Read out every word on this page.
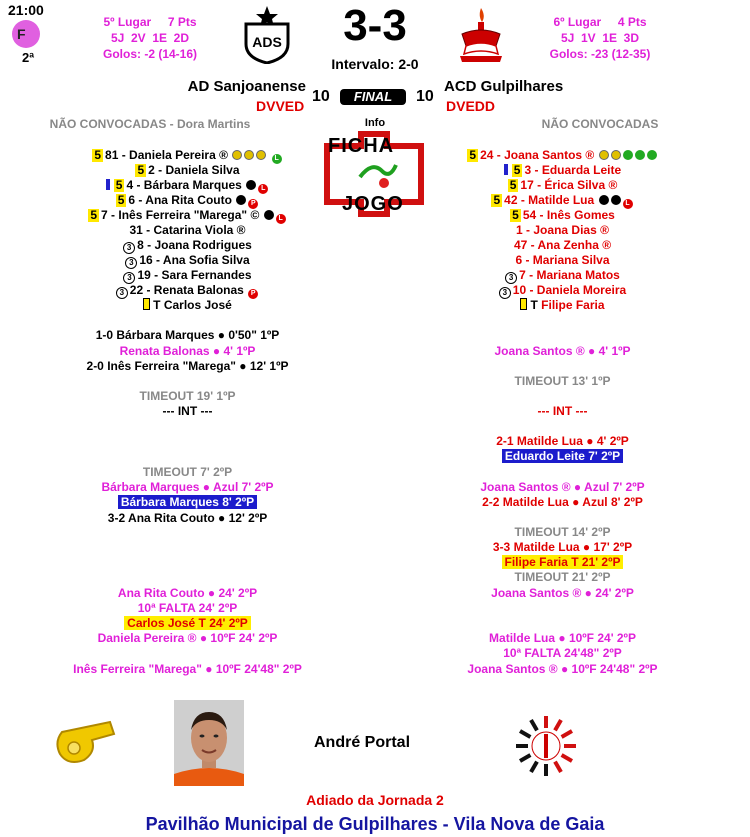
21:00
F
2ª
5º Lugar     7 Pts
5J  2V  1E  2D
Golos: -2 (14-16)
ADS	3-3
Intervalo: 2-0
6º Lugar     4 Pts
5J  1V  1E  3D
Golos: -23 (12-35)
AD Sanjoanense	ACD Gulpilhares
10	FINAL	10
DVVED	DVEDD
Info
FICHA
JOGO
NÃO CONVOCADAS - Dora Martins	NÃO CONVOCADAS
5 81 - Daniela Pereira ®	L
5 2 - Daniela Silva
5 4 - Bárbara Marques	L
5 6 - Ana Rita Couto	P
5 7 - Inês Ferreira "Marega" ©	L
31 - Catarina Viola ®
3 8 - Joana Rodrigues
3 16 - Ana Sofia Silva
3 19 - Sara Fernandes
3 22 - Renata Balonas P
T Carlos José
5 24 - Joana Santos ®
5 3 - Eduarda Leite
5 17 - Érica Silva ®
5 42 - Matilde Lua	L
5 54 - Inês Gomes
1 - Joana Dias ®
47 - Ana Zenha ®
6 - Mariana Silva
3 7 - Mariana Matos
3 10 - Daniela Moreira
T Filipe Faria
1-0 Bárbara Marques ● 0'50" 1ºP
Renata Balonas ● 4' 1ºP
2-0 Inês Ferreira "Marega" ● 12' 1ºP
TIMEOUT 19' 1ºP
--- INT ---
TIMEOUT 7' 2ºP
Bárbara Marques ● Azul 7' 2ºP
Bárbara Marques 8' 2ºP
3-2 Ana Rita Couto ● 12' 2ºP
Ana Rita Couto ● 24' 2ºP
10ª FALTA 24' 2ºP
Carlos José T 24' 2ºP
Daniela Pereira ® ● 10ºF 24' 2ºP
Inês Ferreira "Marega" ● 10ºF 24'48" 2ºP
Joana Santos ® ● 4' 1ºP
TIMEOUT 13' 1ºP
--- INT ---
2-1 Matilde Lua ● 4' 2ºP
Eduardo Leite 7' 2ºP
Joana Santos ® ● Azul 7' 2ºP
2-2 Matilde Lua ● Azul 8' 2ºP
TIMEOUT 14' 2ºP
3-3 Matilde Lua ● 17' 2ºP
Filipe Faria T 21' 2ºP
TIMEOUT 21' 2ºP
Joana Santos ® ● 24' 2ºP
Matilde Lua ● 10ºF 24' 2ºP
10ª FALTA 24'48" 2ºP
Joana Santos ® ● 10ºF 24'48" 2ºP
André Portal
Adiado da Jornada 2
Pavilhão Municipal de Gulpilhares - Vila Nova de Gaia
